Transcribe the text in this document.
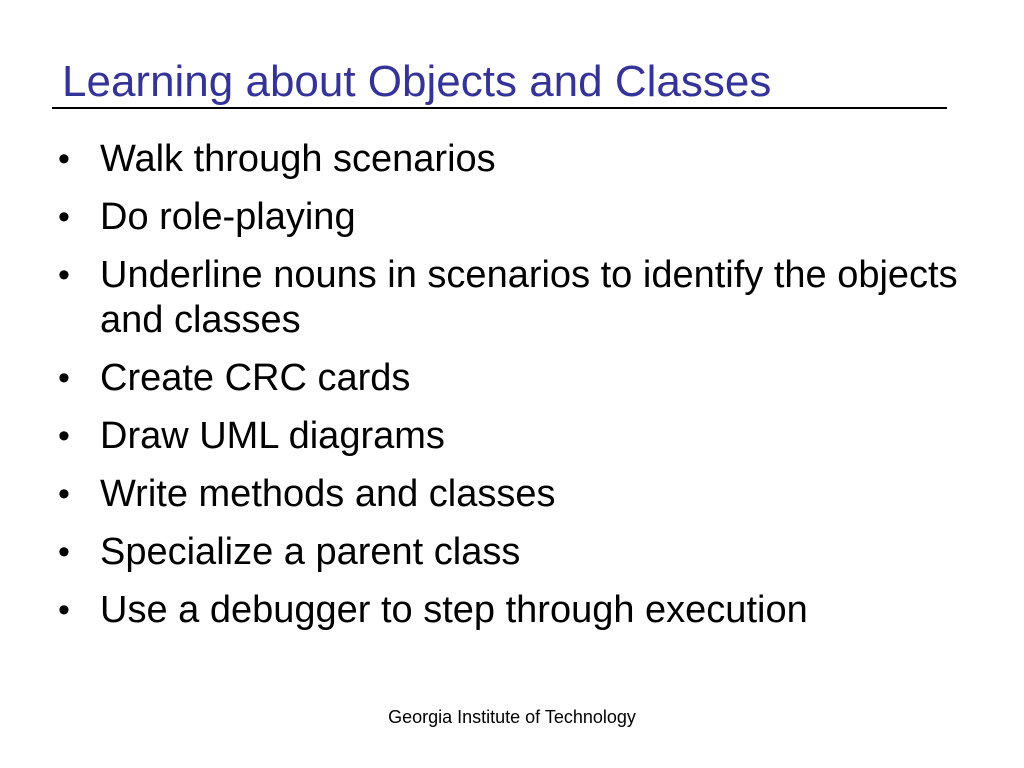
Learning about Objects and Classes
• Walk through scenarios
• Do role-playing
• Underline nouns in scenarios to identify the objects and classes
• Create CRC cards
• Draw UML diagrams
• Write methods and classes
• Specialize a parent class
• Use a debugger to step through execution
Georgia Institute of Technology
